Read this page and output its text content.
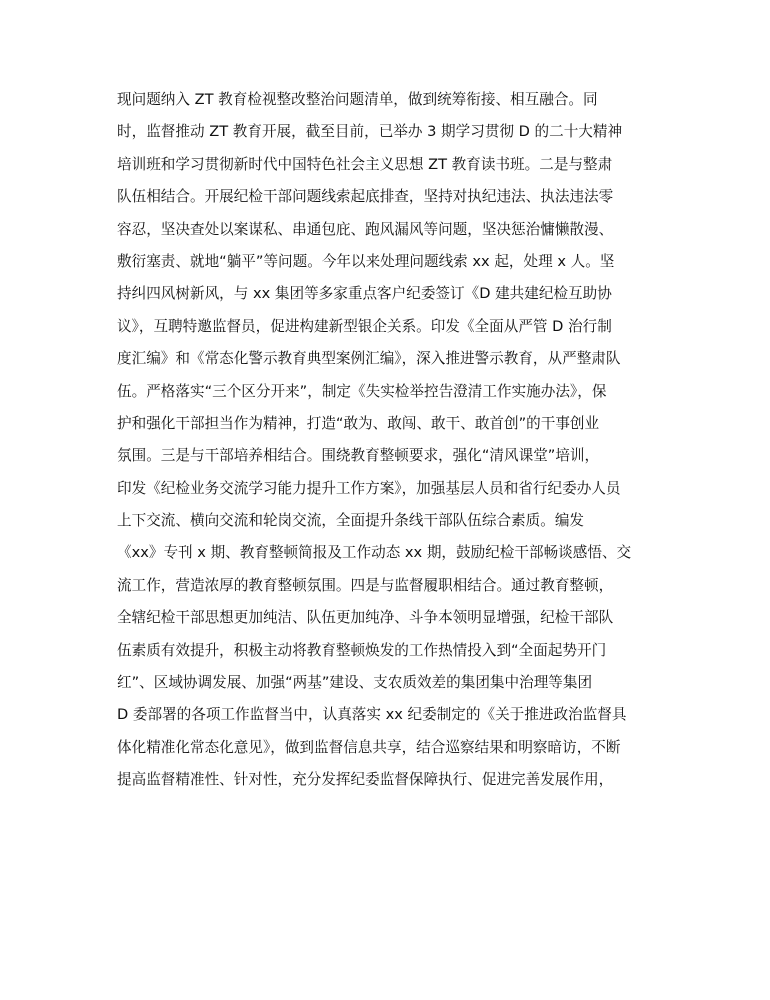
现问题纳入 ZT 教育检视整改整治问题清单，做到统筹衔接、相互融合。同
时，监督推动 ZT 教育开展，截至目前，已举办 3 期学习贯彻 D 的二十大精神
培训班和学习贯彻新时代中国特色社会主义思想 ZT 教育读书班。二是与整肃
队伍相结合。开展纪检干部问题线索起底排查，坚持对执纪违法、执法违法零
容忍，坚决查处以案谋私、串通包庇、跑风漏风等问题，坚决惩治慵懒散漫、
敷衍塞责、就地“躺平”等问题。今年以来处理问题线索 xx 起，处理 x 人。坚
持纠四风树新风，与 xx 集团等多家重点客户纪委签订《D 建共建纪检互助协
议》，互聘特邀监督员，促进构建新型银企关系。印发《全面从严管 D 治行制
度汇编》和《常态化警示教育典型案例汇编》，深入推进警示教育，从严整肃队
伍。严格落实“三个区分开来”，制定《失实检举控告澄清工作实施办法》，保
护和强化干部担当作为精神，打造“敢为、敢闯、敢干、敢首创”的干事创业
氛围。三是与干部培养相结合。围绕教育整顿要求，强化“清风课堂”培训，
印发《纪检业务交流学习能力提升工作方案》，加强基层人员和省行纪委办人员
上下交流、横向交流和轮岗交流，全面提升条线干部队伍综合素质。编发
《xx》专刊 x 期、教育整顿简报及工作动态 xx 期，鼓励纪检干部畅谈感悟、交
流工作，营造浓厚的教育整顿氛围。四是与监督履职相结合。通过教育整顿，
全辖纪检干部思想更加纯洁、队伍更加纯净、斗争本领明显增强，纪检干部队
伍素质有效提升，积极主动将教育整顿焕发的工作热情投入到“全面起势开门
红”、区域协调发展、加强“两基”建设、支农质效差的集团集中治理等集团
D 委部署的各项工作监督当中，认真落实 xx 纪委制定的《关于推进政治监督具
体化精准化常态化意见》，做到监督信息共享，结合巡察结果和明察暗访，不断
提高监督精准性、针对性，充分发挥纪委监督保障执行、促进完善发展作用，
